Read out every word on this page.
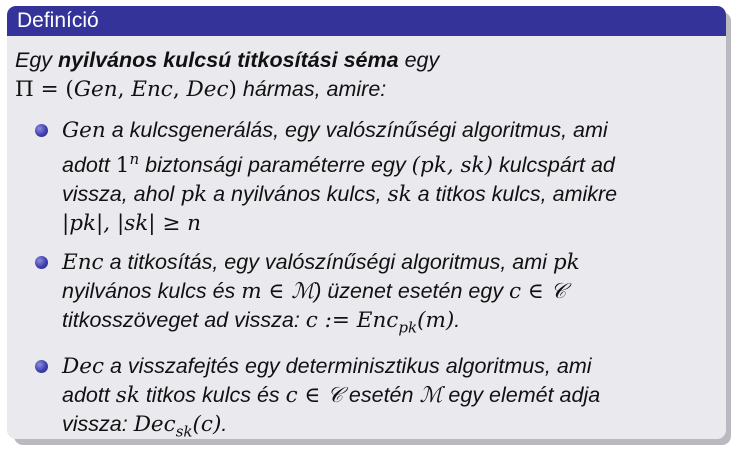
Definíció
Egy nyilvános kulcsú titkosítási séma egy
Π = (Gen, Enc, Dec) hármas, amire:
Gen a kulcsgenerálás, egy valószínűségi algoritmus, ami
adott 1$^n$ biztonsági paraméterre egy (pk, sk) kulcspárt ad
vissza, ahol pk a nyilvános kulcs, sk a titkos kulcs, amikre
|pk|, |sk| ≥ n
Enc a titkosítás, egy valószínűségi algoritmus, ami pk
nyilvános kulcs és m ∈ ℳ) üzenet esetén egy c ∈ 𝒞
titkosszöveget ad vissza: c := Enc$_{pk}$(m).
Dec a visszafejtés egy determinisztikus algoritmus, ami
adott sk titkos kulcs és c ∈ 𝒞 esetén ℳ egy elemét adja
vissza: Dec$_{sk}$(c).
